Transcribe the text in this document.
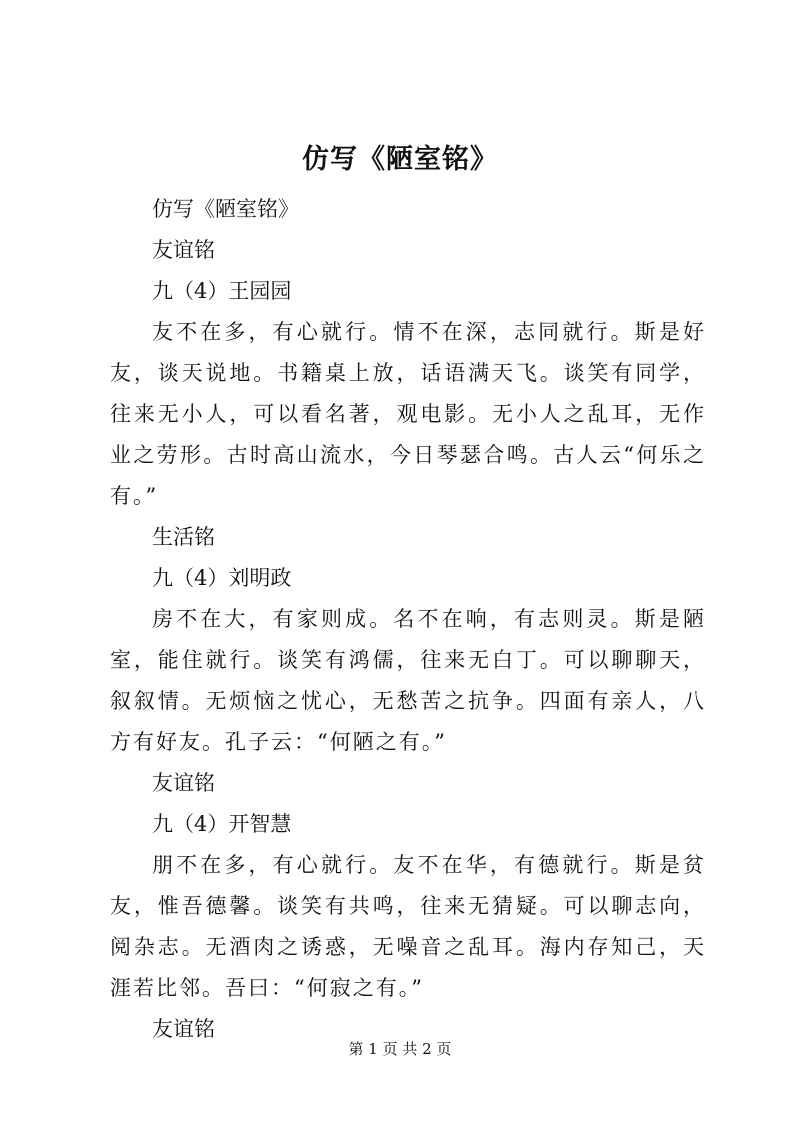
仿写《陋室铭》
仿写《陋室铭》
友谊铭
九（4）王园园

友不在多，有心就行。情不在深，志同就行。斯是好友，谈天说地。书籍桌上放，话语满天飞。谈笑有同学，往来无小人，可以看名著，观电影。无小人之乱耳，无作业之劳形。古时高山流水，今日琴瑟合鸣。古人云“何乐之有。”

生活铭
九（4）刘明政

房不在大，有家则成。名不在响，有志则灵。斯是陋室，能住就行。谈笑有鸿儒，往来无白丁。可以聊聊天，叙叙情。无烦恼之忧心，无愁苦之抗争。四面有亲人，八方有好友。孔子云：“何陋之有。”

友谊铭
九（4）开智慧

朋不在多，有心就行。友不在华，有德就行。斯是贫友，惟吾德馨。谈笑有共鸣，往来无猜疑。可以聊志向，阅杂志。无酒肉之诱惑，无噪音之乱耳。海内存知己，天涯若比邻。吾曰：“何寂之有。”

友谊铭
第 1 页 共 2 页
